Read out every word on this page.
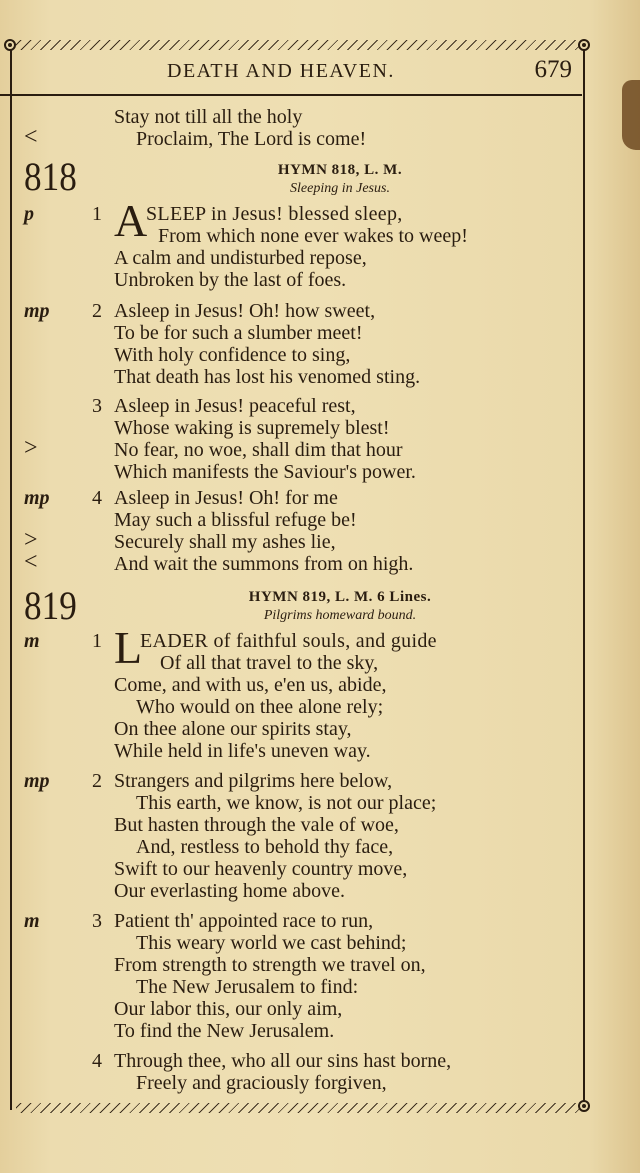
DEATH AND HEAVEN.	679
Stay not till all the holy
<	Proclaim, The Lord is come!
818	HYMN 818, L. M.
Sleeping in Jesus.
p	1 A
SLEEP in Jesus! blessed sleep,
From which none ever wakes to weep!
A calm and undisturbed repose,
Unbroken by the last of foes.
mp 2 Asleep in Jesus! Oh! how sweet,
To be for such a slumber meet!
With holy confidence to sing,
That death has lost his venomed sting.
3 Asleep in Jesus! peaceful rest,
Whose waking is supremely blest!
>	No fear, no woe, shall dim that hour
Which manifests the Saviour's power.
mp 4 Asleep in Jesus! Oh! for me
May such a blissful refuge be!
>	Securely shall my ashes lie,
<	And wait the summons from on high.
819	HYMN 819, L. M. 6 Lines.
Pilgrims homeward bound.
m	1 L
EADER of faithful souls, and guide
Of all that travel to the sky,
Come, and with us, e'en us, abide,
Who would on thee alone rely;
On thee alone our spirits stay,
While held in life's uneven way.
mp 2 Strangers and pilgrims here below,
This earth, we know, is not our place;
But hasten through the vale of woe,
And, restless to behold thy face,
Swift to our heavenly country move,
Our everlasting home above.
m	3 Patient th' appointed race to run,
This weary world we cast behind;
From strength to strength we travel on,
The New Jerusalem to find:
Our labor this, our only aim,
To find the New Jerusalem.
4 Through thee, who all our sins hast borne,
Freely and graciously forgiven,
